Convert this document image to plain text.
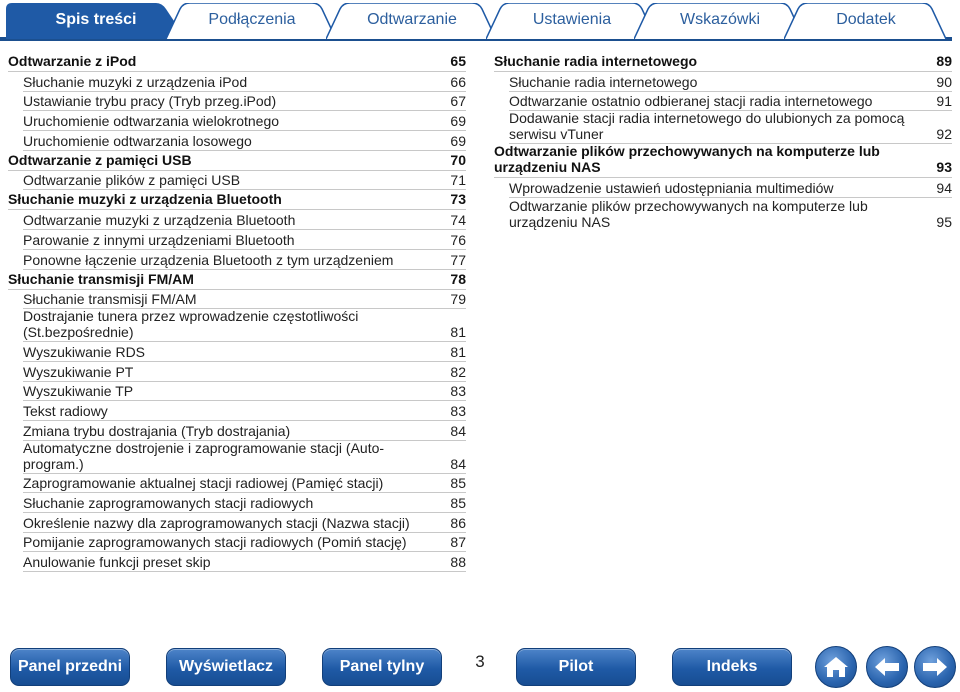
Spis treści	Podłączenia	Odtwarzanie	Ustawienia	Wskazówki	Dodatek
Odtwarzanie z iPod	65
Słuchanie muzyki z urządzenia iPod	66
Ustawianie trybu pracy (Tryb przeg.iPod)	67
Uruchomienie odtwarzania wielokrotnego	69
Uruchomienie odtwarzania losowego	69
Odtwarzanie z pamięci USB	70
Odtwarzanie plików z pamięci USB	71
Słuchanie muzyki z urządzenia Bluetooth	73
Odtwarzanie muzyki z urządzenia Bluetooth	74
Parowanie z innymi urządzeniami Bluetooth	76
Ponowne łączenie urządzenia Bluetooth z tym urządzeniem	77
Słuchanie transmisji FM/AM	78
Słuchanie transmisji FM/AM	79
Dostrajanie tunera przez wprowadzenie częstotliwości (St.bezpośrednie)	81
Wyszukiwanie RDS	81
Wyszukiwanie PT	82
Wyszukiwanie TP	83
Tekst radiowy	83
Zmiana trybu dostrajania (Tryb dostrajania)	84
Automatyczne dostrojenie i zaprogramowanie stacji (Auto-program.)	84
Zaprogramowanie aktualnej stacji radiowej (Pamięć stacji)	85
Słuchanie zaprogramowanych stacji radiowych	85
Określenie nazwy dla zaprogramowanych stacji (Nazwa stacji)	86
Pomijanie zaprogramowanych stacji radiowych (Pomiń stację)	87
Anulowanie funkcji preset skip	88
Słuchanie radia internetowego	89
Słuchanie radia internetowego	90
Odtwarzanie ostatnio odbieranej stacji radia internetowego	91
Dodawanie stacji radia internetowego do ulubionych za pomocą serwisu vTuner	92
Odtwarzanie plików przechowywanych na komputerze lub urządzeniu NAS	93
Wprowadzenie ustawień udostępniania multimediów	94
Odtwarzanie plików przechowywanych na komputerze lub urządzeniu NAS	95
Panel przedni	Wyświetlacz	Panel tylny	3	Pilot	Indeks
